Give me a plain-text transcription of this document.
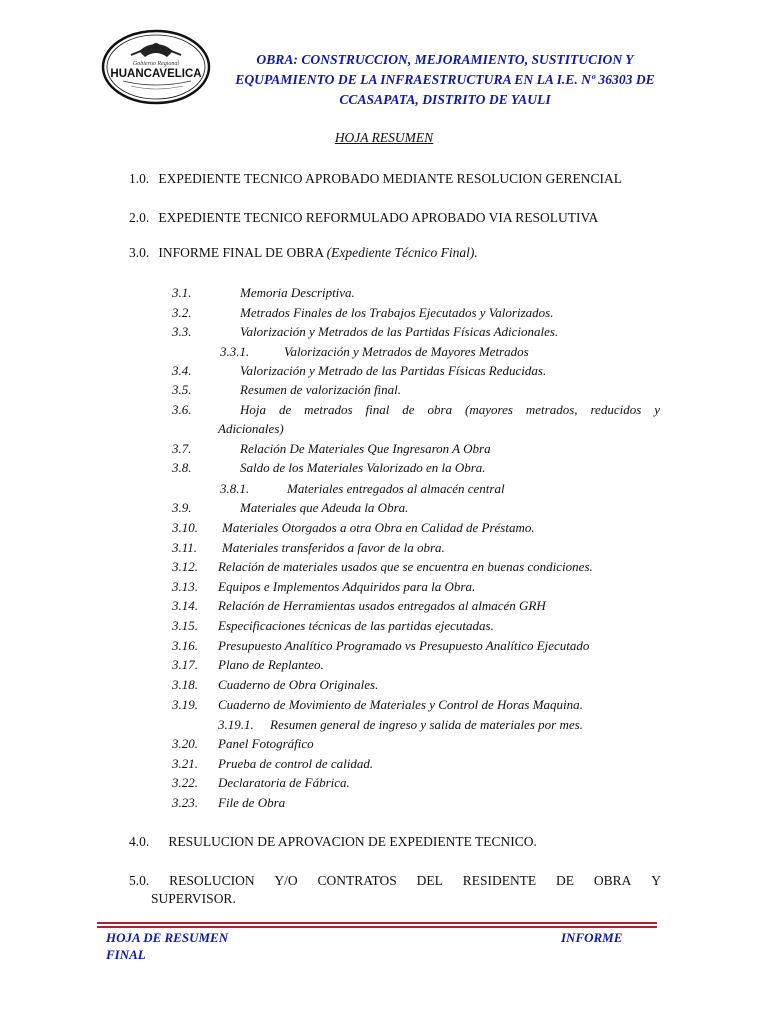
Gobierno Regional
HUANCAVELICA
OBRA: CONSTRUCCION, MEJORAMIENTO, SUSTITUCION Y
EQUPAMIENTO DE LA INFRAESTRUCTURA EN LA I.E. Nº 36303 DE
CCASAPATA, DISTRITO DE YAULI
HOJA RESUMEN
1.0. EXPEDIENTE TECNICO APROBADO MEDIANTE RESOLUCION GERENCIAL
2.0. EXPEDIENTE TECNICO REFORMULADO APROBADO VIA RESOLUTIVA
3.0. INFORME FINAL DE OBRA (Expediente Técnico Final).
3.1.	Memoria Descriptiva.
3.2.	Metrados Finales de los Trabajos Ejecutados y Valorizados.
3.3.	Valorización y Metrados de las Partidas Físicas Adicionales.
3.3.1.	Valorización y Metrados de Mayores Metrados
3.4.	Valorización y Metrado de las Partidas Físicas Reducidas.
3.5.	Resumen de valorización final.
3.6.	Hoja de metrados final de obra (mayores metrados, reducidos y
Adicionales)
3.7.	Relación De Materiales Que Ingresaron A Obra
3.8.	Saldo de los Materiales Valorizado en la Obra.
3.8.1.	Materiales entregados al almacén central
3.9.	Materiales que Adeuda la Obra.
3.10. Materiales Otorgados a otra Obra en Calidad de Préstamo.
3.11. Materiales transferidos a favor de la obra.
3.12. Relación de materiales usados que se encuentra en buenas condiciones.
3.13. Equipos e Implementos Adquiridos para la Obra.
3.14. Relación de Herramientas usados entregados al almacén GRH
3.15. Especificaciones técnicas de las partidas ejecutadas.
3.16. Presupuesto Analítico Programado vs Presupuesto Analítico Ejecutado
3.17. Plano de Replanteo.
3.18. Cuaderno de Obra Originales.
3.19. Cuaderno de Movimiento de Materiales y Control de Horas Maquina.
3.19.1. Resumen general de ingreso y salida de materiales por mes.
3.20. Panel Fotográfico
3.21. Prueba de control de calidad.
3.22. Declaratoria de Fábrica.
3.23. File de Obra
4.0. RESULUCION DE APROVACION DE EXPEDIENTE TECNICO.
5.0. RESOLUCION Y/O CONTRATOS DEL RESIDENTE DE OBRA Y
SUPERVISOR.
HOJA DE RESUMEN
FINAL
INFORME
